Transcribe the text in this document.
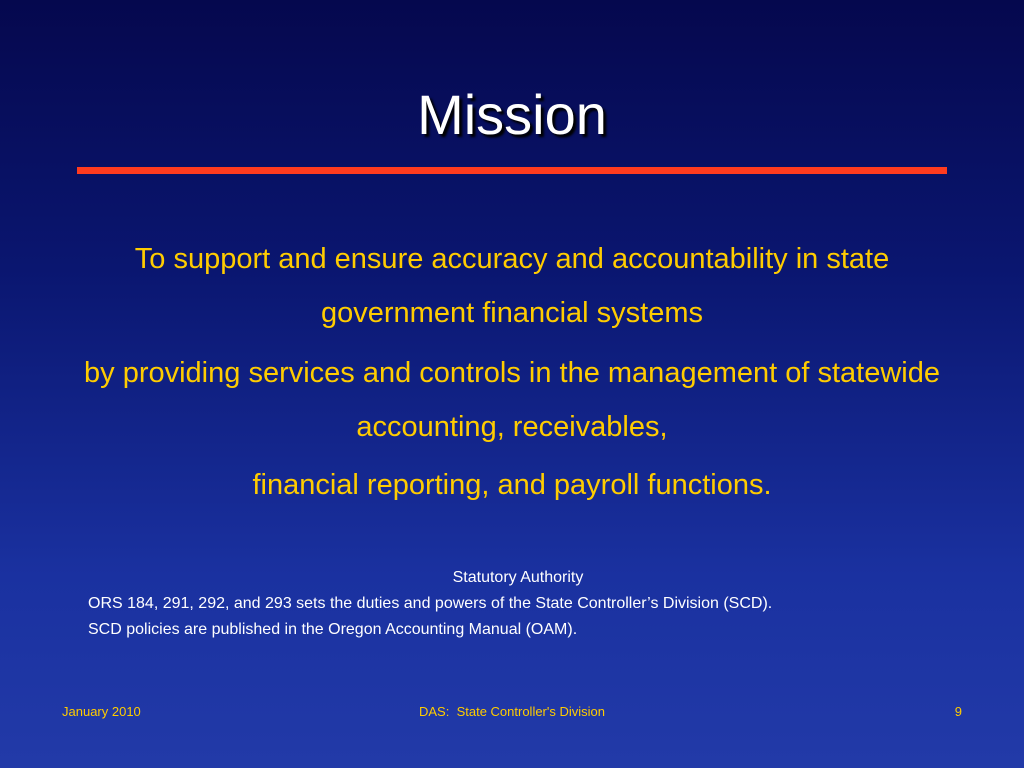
Mission

To support and ensure accuracy and accountability in state government financial systems

by providing services and controls in the management of statewide accounting, receivables,

financial reporting, and payroll functions.

Statutory Authority
ORS 184, 291, 292, and 293 sets the duties and powers of the State Controller’s Division (SCD).
SCD policies are published in the Oregon Accounting Manual (OAM).
January 2010	DAS:  State Controller's Division	9
